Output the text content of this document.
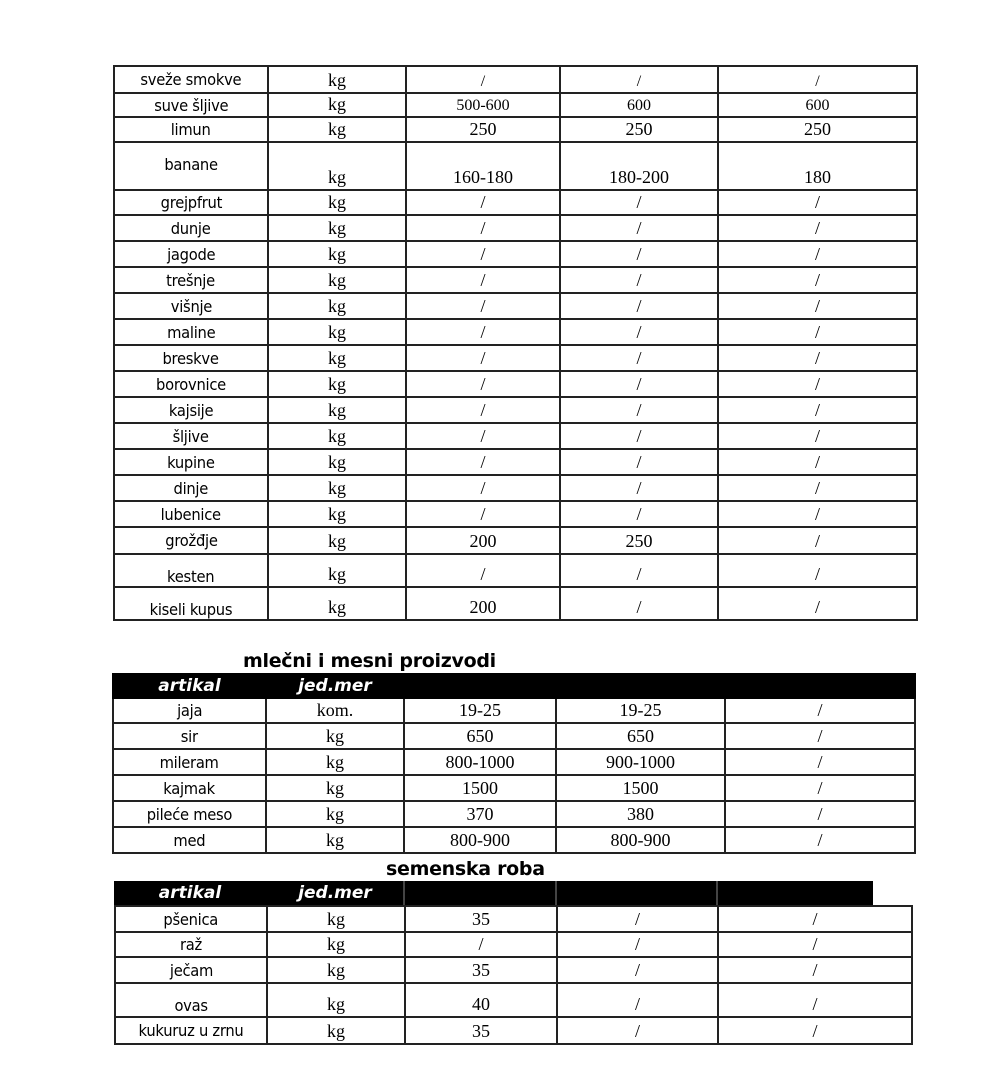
sveže smokve	kg	/	/	/
suve šljive	kg	500-600	600	600
limun	kg	250	250	250
banane	kg	160-180	180-200	180
grejpfrut	kg	/	/	/
dunje	kg	/	/	/
jagode	kg	/	/	/
trešnje	kg	/	/	/
višnje	kg	/	/	/
maline	kg	/	/	/
breskve	kg	/	/	/
borovnice	kg	/	/	/
kajsije	kg	/	/	/
šljive	kg	/	/	/
kupine	kg	/	/	/
dinje	kg	/	/	/
lubenice	kg	/	/	/
grožđje	kg	200	250	/
kesten	kg	/	/	/
kiseli kupus	kg	200	/	/
mlečni i mesni proizvodi
artikal	jed.mer			
jaja	kom.	19-25	19-25	/
sir	kg	650	650	/
mileram	kg	800-1000	900-1000	/
kajmak	kg	1500	1500	/
pileće meso	kg	370	380	/
med	kg	800-900	800-900	/
semenska roba
artikal	jed.mer
pšenica	kg	35	/	/
raž	kg	/	/	/
ječam	kg	35	/	/
ovas	kg	40	/	/
kukuruz u zrnu	kg	35	/	/
